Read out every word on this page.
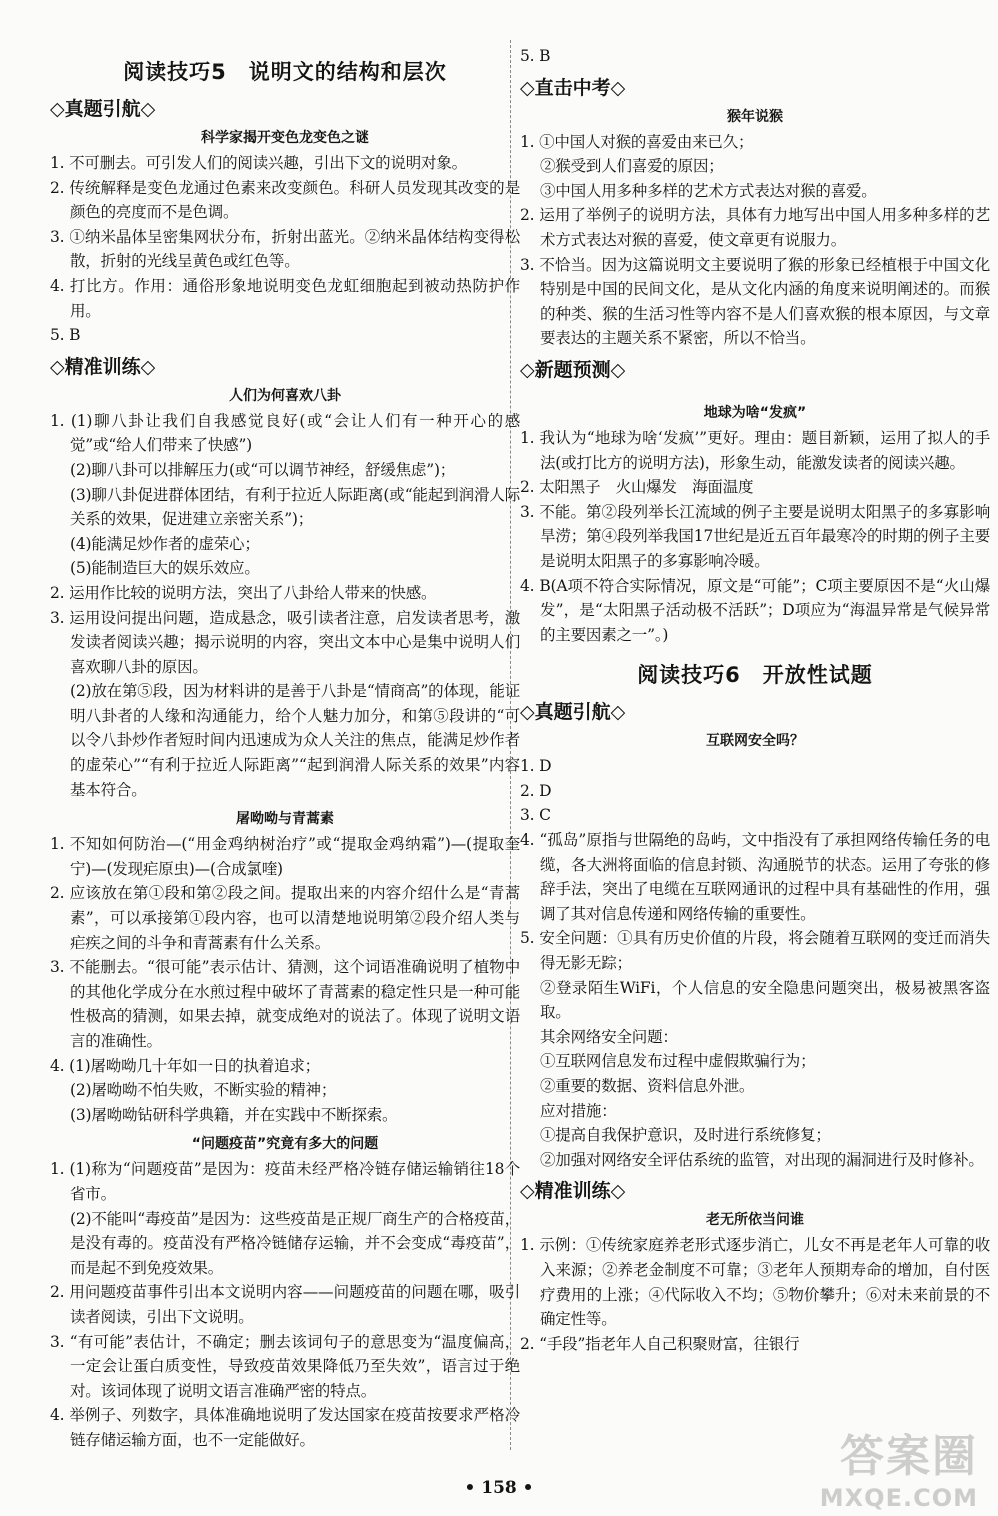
阅读技巧5　说明文的结构和层次
◇真题引航◇
科学家揭开变色龙变色之谜

1. 不可删去。可引发人们的阅读兴趣，引出下文的说明对象。

2. 传统解释是变色龙通过色素来改变颜色。科研人员发现其改变的是颜色的亮度而不是色调。

3. ①纳米晶体呈密集网状分布，折射出蓝光。②纳米晶体结构变得松散，折射的光线呈黄色或红色等。

4. 打比方。作用：通俗形象地说明变色龙虹细胞起到被动热防护作用。

5. B

◇精准训练◇
人们为何喜欢八卦

1. (1)聊八卦让我们自我感觉良好(或“会让人们有一种开心的感觉”或“给人们带来了快感”)

(2)聊八卦可以排解压力(或“可以调节神经，舒缓焦虑”)；

(3)聊八卦促进群体团结，有利于拉近人际距离(或“能起到润滑人际关系的效果，促进建立亲密关系”)；

(4)能满足炒作者的虚荣心；

(5)能制造巨大的娱乐效应。

2. 运用作比较的说明方法，突出了八卦给人带来的快感。

3. 运用设问提出问题，造成悬念，吸引读者注意，启发读者思考，激发读者阅读兴趣；揭示说明的内容，突出文本中心是集中说明人们喜欢聊八卦的原因。

(2)放在第⑤段，因为材料讲的是善于八卦是“情商高”的体现，能证明八卦者的人缘和沟通能力，给个人魅力加分，和第⑤段讲的“可以令八卦炒作者短时间内迅速成为众人关注的焦点，能满足炒作者的虚荣心”“有利于拉近人际距离”“起到润滑人际关系的效果”内容基本符合。

屠呦呦与青蒿素

1. 不知如何防治—(“用金鸡纳树治疗”或“提取金鸡纳霜”)—(提取奎宁)—(发现疟原虫)—(合成氯喹)

2. 应该放在第①段和第②段之间。提取出来的内容介绍什么是“青蒿素”，可以承接第①段内容，也可以清楚地说明第②段介绍人类与疟疾之间的斗争和青蒿素有什么关系。

3. 不能删去。“很可能”表示估计、猜测，这个词语准确说明了植物中的其他化学成分在水煎过程中破坏了青蒿素的稳定性只是一种可能性极高的猜测，如果去掉，就变成绝对的说法了。体现了说明文语言的准确性。

4. (1)屠呦呦几十年如一日的执着追求；

(2)屠呦呦不怕失败，不断实验的精神；

(3)屠呦呦钻研科学典籍，并在实践中不断探索。

“问题疫苗”究竟有多大的问题

1. (1)称为“问题疫苗”是因为：疫苗未经严格冷链存储运输销往18个省市。

(2)不能叫“毒疫苗”是因为：这些疫苗是正规厂商生产的合格疫苗，是没有毒的。疫苗没有严格冷链储存运输，并不会变成“毒疫苗”，而是起不到免疫效果。

2. 用问题疫苗事件引出本文说明内容——问题疫苗的问题在哪，吸引读者阅读，引出下文说明。

3. “有可能”表估计，不确定；删去该词句子的意思变为“温度偏高，一定会让蛋白质变性，导致疫苗效果降低乃至失效”，语言过于绝对。该词体现了说明文语言准确严密的特点。

4. 举例子、列数字，具体准确地说明了发达国家在疫苗按要求严格冷链存储运输方面，也不一定能做好。

5. B

◇直击中考◇
猴年说猴

1. ①中国人对猴的喜爱由来已久；

②猴受到人们喜爱的原因；

③中国人用多种多样的艺术方式表达对猴的喜爱。

2. 运用了举例子的说明方法，具体有力地写出中国人用多种多样的艺术方式表达对猴的喜爱，使文章更有说服力。

3. 不恰当。因为这篇说明文主要说明了猴的形象已经植根于中国文化特别是中国的民间文化，是从文化内涵的角度来说明阐述的。而猴的种类、猴的生活习性等内容不是人们喜欢猴的根本原因，与文章要表达的主题关系不紧密，所以不恰当。

◇新题预测◇
地球为啥“发疯”

1. 我认为“地球为啥‘发疯’”更好。理由：题目新颖，运用了拟人的手法(或打比方的说明方法)，形象生动，能激发读者的阅读兴趣。

2. 太阳黑子　火山爆发　海面温度

3. 不能。第②段列举长江流域的例子主要是说明太阳黑子的多寡影响旱涝；第④段列举我国17世纪是近五百年最寒冷的时期的例子主要是说明太阳黑子的多寡影响冷暖。

4. B(A项不符合实际情况，原文是“可能”；C项主要原因不是“火山爆发”，是“太阳黑子活动极不活跃”；D项应为“海温异常是气候异常的主要因素之一”。)

阅读技巧6　开放性试题
◇真题引航◇
互联网安全吗？

1. D

2. D

3. C

4. “孤岛”原指与世隔绝的岛屿，文中指没有了承担网络传输任务的电缆，各大洲将面临的信息封锁、沟通脱节的状态。运用了夸张的修辞手法，突出了电缆在互联网通讯的过程中具有基础性的作用，强调了其对信息传递和网络传输的重要性。

5. 安全问题：①具有历史价值的片段，将会随着互联网的变迁而消失得无影无踪；

②登录陌生WiFi，个人信息的安全隐患问题突出，极易被黑客盗取。

其余网络安全问题：

①互联网信息发布过程中虚假欺骗行为；

②重要的数据、资料信息外泄。

应对措施：

①提高自我保护意识，及时进行系统修复；

②加强对网络安全评估系统的监管，对出现的漏洞进行及时修补。

◇精准训练◇
老无所依当问谁

1. 示例：①传统家庭养老形式逐步消亡，儿女不再是老年人可靠的收入来源；②养老金制度不可靠；③老年人预期寿命的增加，自付医疗费用的上涨；④代际收入不均；⑤物价攀升；⑥对未来前景的不确定性等。

2. “手段”指老年人自己积聚财富，往银行

• 158 •
答案圈
MXQE.COM
